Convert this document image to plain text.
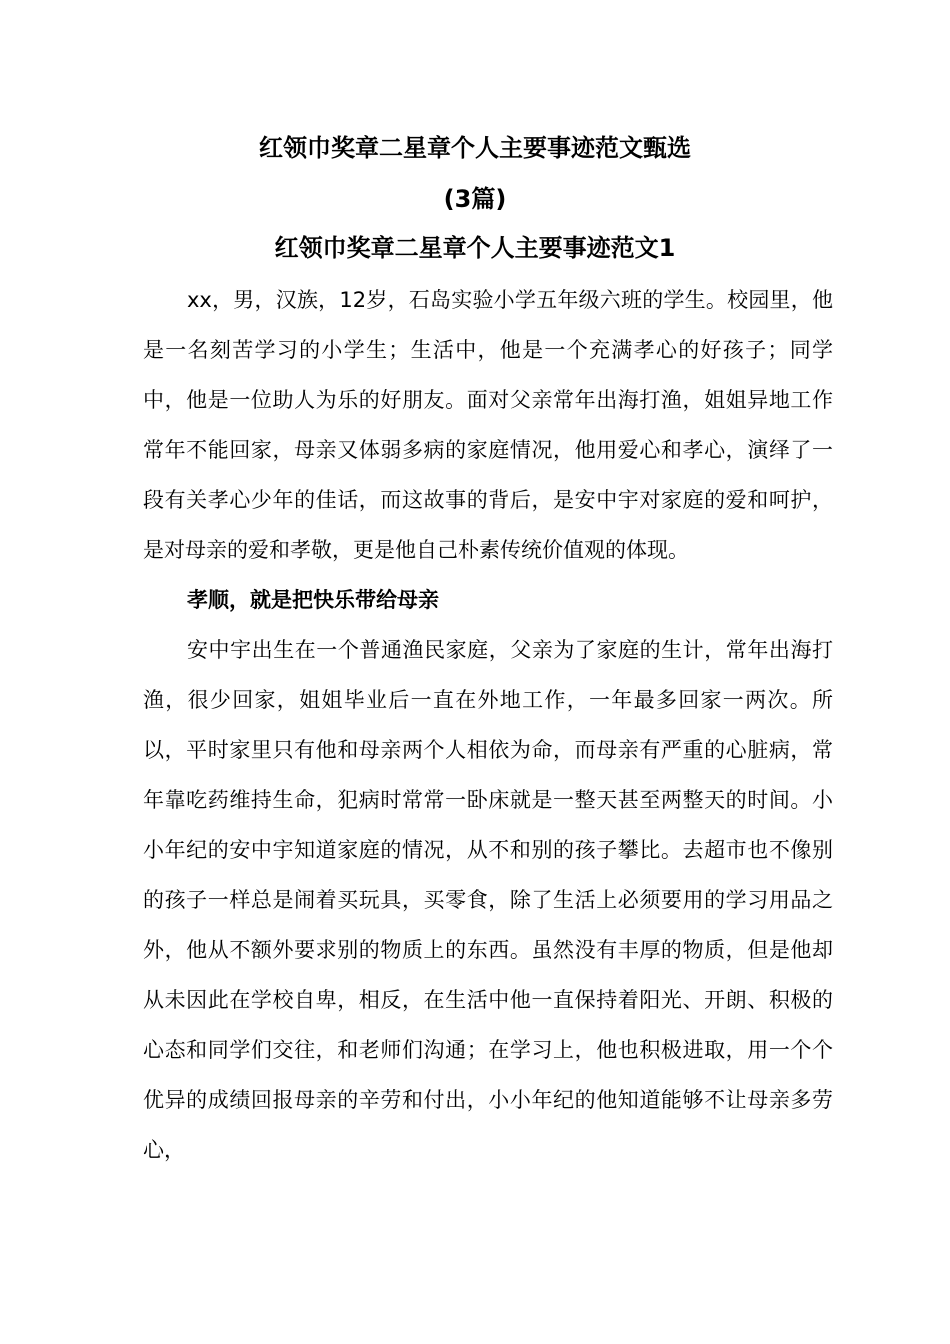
红领巾奖章二星章个人主要事迹范文甄选
(3篇)
红领巾奖章二星章个人主要事迹范文1

xx，男，汉族，12岁，石岛实验小学五年级六班的学生。校园里，他是一名刻苦学习的小学生；生活中，他是一个充满孝心的好孩子；同学中，他是一位助人为乐的好朋友。面对父亲常年出海打渔，姐姐异地工作常年不能回家，母亲又体弱多病的家庭情况，他用爱心和孝心，演绎了一段有关孝心少年的佳话，而这故事的背后，是安中宇对家庭的爱和呵护，是对母亲的爱和孝敬，更是他自己朴素传统价值观的体现。

孝顺，就是把快乐带给母亲

安中宇出生在一个普通渔民家庭，父亲为了家庭的生计，常年出海打渔，很少回家，姐姐毕业后一直在外地工作，一年最多回家一两次。所以，平时家里只有他和母亲两个人相依为命，而母亲有严重的心脏病，常年靠吃药维持生命，犯病时常常一卧床就是一整天甚至两整天的时间。小小年纪的安中宇知道家庭的情况，从不和别的孩子攀比。去超市也不像别的孩子一样总是闹着买玩具，买零食，除了生活上必须要用的学习用品之外，他从不额外要求别的物质上的东西。虽然没有丰厚的物质，但是他却从未因此在学校自卑，相反，在生活中他一直保持着阳光、开朗、积极的心态和同学们交往，和老师们沟通；在学习上，他也积极进取，用一个个优异的成绩回报母亲的辛劳和付出，小小年纪的他知道能够不让母亲多劳心，
